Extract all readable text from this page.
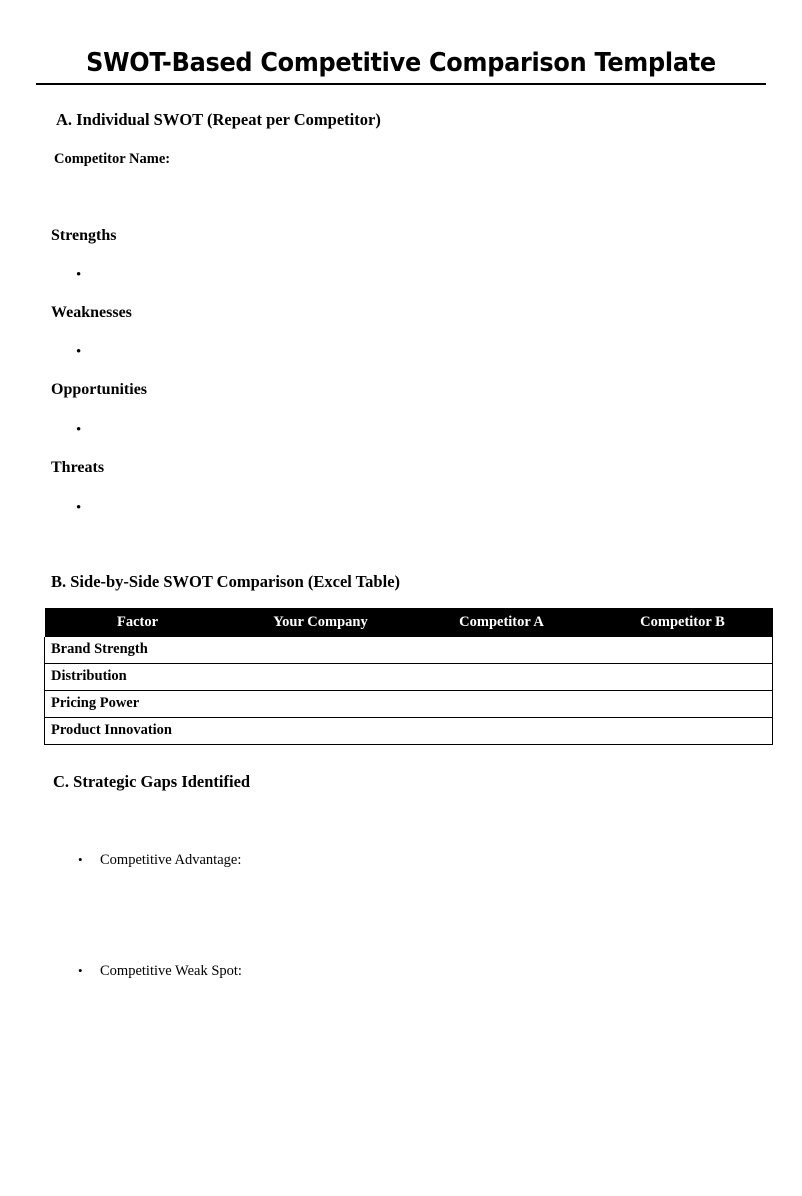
SWOT-Based Competitive Comparison Template
A. Individual SWOT (Repeat per Competitor)
Competitor Name:
Strengths
•
Weaknesses
•
Opportunities
•
Threats
•
B. Side-by-Side SWOT Comparison (Excel Table)
Factor	Your Company	Competitor A	Competitor B
Brand Strength			
Distribution			
Pricing Power			
Product Innovation			
C. Strategic Gaps Identified
•Competitive Advantage:
•Competitive Weak Spot:
